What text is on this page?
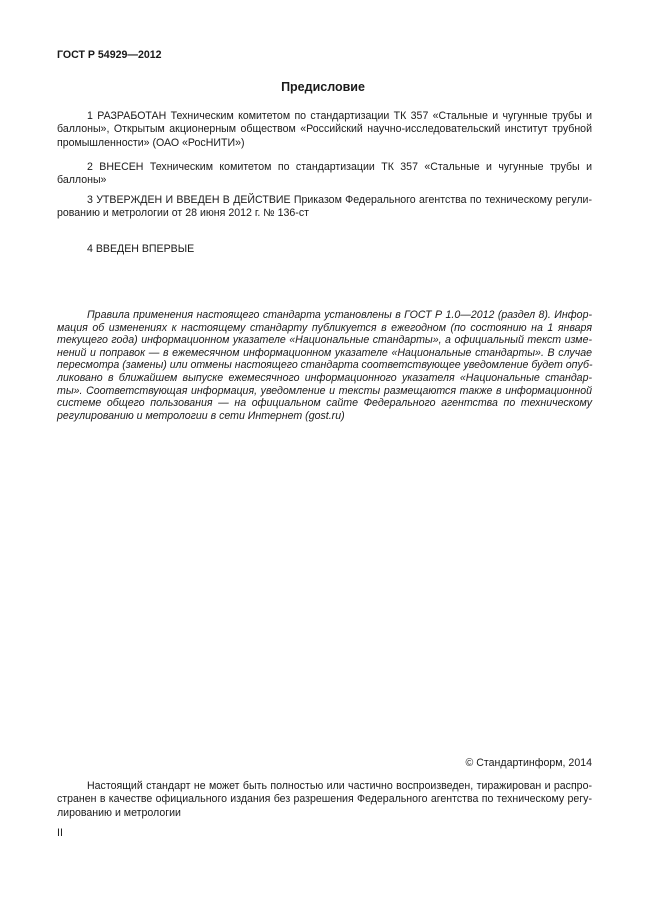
ГОСТ Р 54929—2012
Предисловие
1 РАЗРАБОТАН Техническим комитетом по стандартизации ТК 357 «Стальные и чугунные трубы и
баллоны», Открытым акционерным обществом «Российский научно-исследовательский институт трубной
промышленности» (ОАО «РосНИТИ»)
2 ВНЕСЕН Техническим комитетом по стандартизации ТК 357 «Стальные и чугунные трубы и
баллоны»
3 УТВЕРЖДЕН И ВВЕДЕН В ДЕЙСТВИЕ Приказом Федерального агентства по техническому регули-
рованию и метрологии от 28 июня 2012 г. № 136-ст
4 ВВЕДЕН ВПЕРВЫЕ
Правила применения настоящего стандарта установлены в ГОСТ Р 1.0—2012 (раздел 8). Инфор-
мация об изменениях к настоящему стандарту публикуется в ежегодном (по состоянию на 1 января
текущего года) информационном указателе «Национальные стандарты», а официальный текст изме-
нений и поправок — в ежемесячном информационном указателе «Национальные стандарты». В случае
пересмотра (замены) или отмены настоящего стандарта соответствующее уведомление будет опуб-
ликовано в ближайшем выпуске ежемесячного информационного указателя «Национальные стандар-
ты». Соответствующая информация, уведомление и тексты размещаются также в информационной
системе общего пользования — на официальном сайте Федерального агентства по техническому
регулированию и метрологии в сети Интернет (gost.ru)
© Стандартинформ, 2014
Настоящий стандарт не может быть полностью или частично воспроизведен, тиражирован и распро-
странен в качестве официального издания без разрешения Федерального агентства по техническому регу-
лированию и метрологии
II
